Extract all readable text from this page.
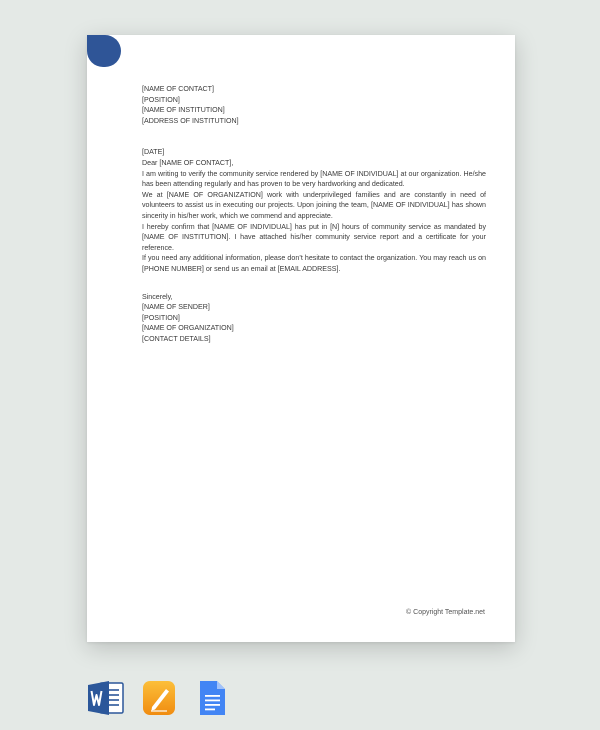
[NAME OF CONTACT]
[POSITION]
[NAME OF INSTITUTION]
[ADDRESS OF INSTITUTION]

[DATE]

Dear [NAME OF CONTACT],

I am writing to verify the community service rendered by [NAME OF INDIVIDUAL] at our organization. He/she has been attending regularly and has proven to be very hardworking and dedicated.

We at [NAME OF ORGANIZATION] work with underprivileged families and are constantly in need of volunteers to assist us in executing our projects. Upon joining the team, [NAME OF INDIVIDUAL] has shown sincerity in his/her work, which we commend and appreciate.

I hereby confirm that [NAME OF INDIVIDUAL] has put in [N] hours of community service as mandated by [NAME OF INSTITUTION]. I have attached his/her community service report and a certificate for your reference.

If you need any additional information, please don’t hesitate to contact the organization. You may reach us on [PHONE NUMBER] or send us an email at [EMAIL ADDRESS].

Sincerely,

[NAME OF SENDER]
[POSITION]
[NAME OF ORGANIZATION]
[CONTACT DETAILS]
© Copyright Template.net
